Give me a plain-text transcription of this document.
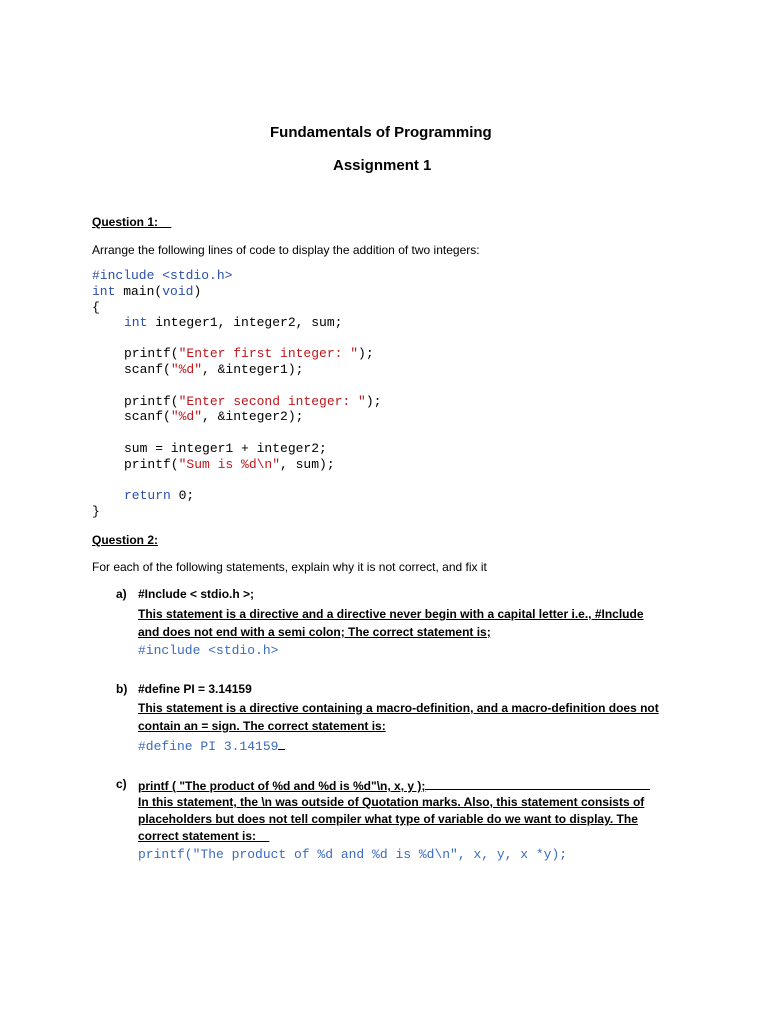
Fundamentals of Programming
Assignment 1
Question 1:
Arrange the following lines of code to display the addition of two integers:
#include <stdio.h>
int main(void)
{
int integer1, integer2, sum;
printf("Enter first integer: ");
scanf("%d", &integer1);
printf("Enter second integer: ");
scanf("%d", &integer2);
sum = integer1 + integer2;
printf("Sum is %d\n", sum);
return 0;
}
Question 2:
For each of the following statements, explain why it is not correct, and fix it
a) #Include < stdio.h >;
This statement is a directive and a directive never begin with a capital letter i.e., #Include
and does not end with a semi colon; The correct statement is;
#include <stdio.h>
b) #define PI = 3.14159
This statement is a directive containing a macro-definition, and a macro-definition does not
contain an = sign. The correct statement is:
#define PI 3.14159
c) printf ( "The product of %d and %d is %d"\n, x, y );
In this statement, the \n was outside of Quotation marks. Also, this statement consists of
placeholders but does not tell compiler what type of variable do we want to display. The
correct statement is:
printf("The product of %d and %d is %d\n", x, y, x *y);
